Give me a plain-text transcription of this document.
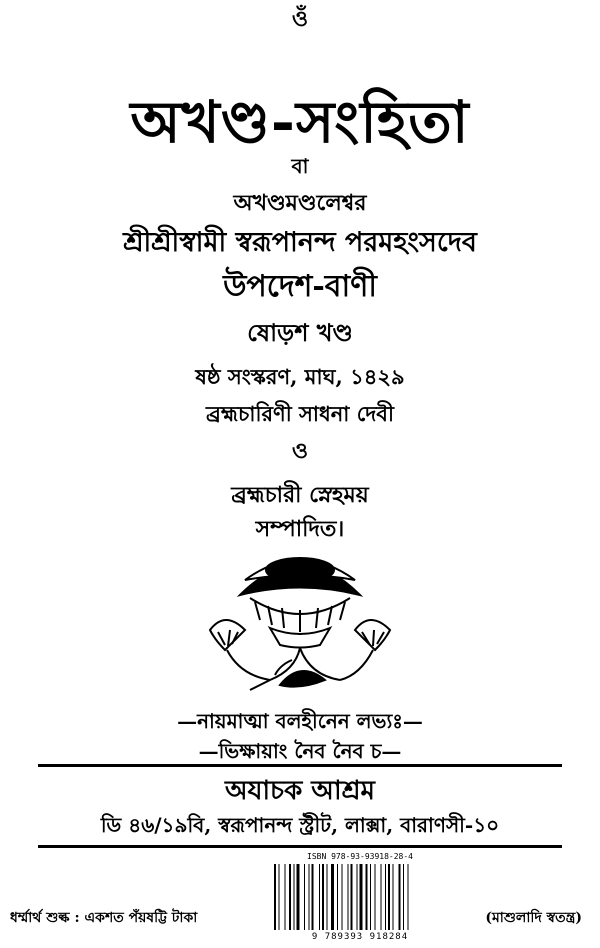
ওঁ
অখণ্ড-সংহিতা
বা
অখণ্ডমণ্ডলেশ্বর
শ্রীশ্রীস্বামী স্বরূপানন্দ পরমহংসদেব
উপদেশ-বাণী
ষোড়শ খণ্ড
ষষ্ঠ সংস্করণ, মাঘ, ১৪২৯
ব্রহ্মচারিণী সাধনা দেবী
ও
ব্রহ্মচারী স্নেহময়
সম্পাদিত।
অভিক্ষা
—নায়মাত্মা বলহীনেন লভ্যঃ—
—ভিক্ষায়াং নৈব নৈব চ—
অযাচক আশ্রম
ডি ৪৬/১৯বি, স্বরূপানন্দ স্ট্রীট, লাক্সা, বারাণসী-১০
ধর্ম্মার্থ শুল্ক : একশত পঁয়ষট্টি টাকা
ISBN 978-93-93918-28-4
9 789393 918284
(মাশুলাদি স্বতন্ত্র)
